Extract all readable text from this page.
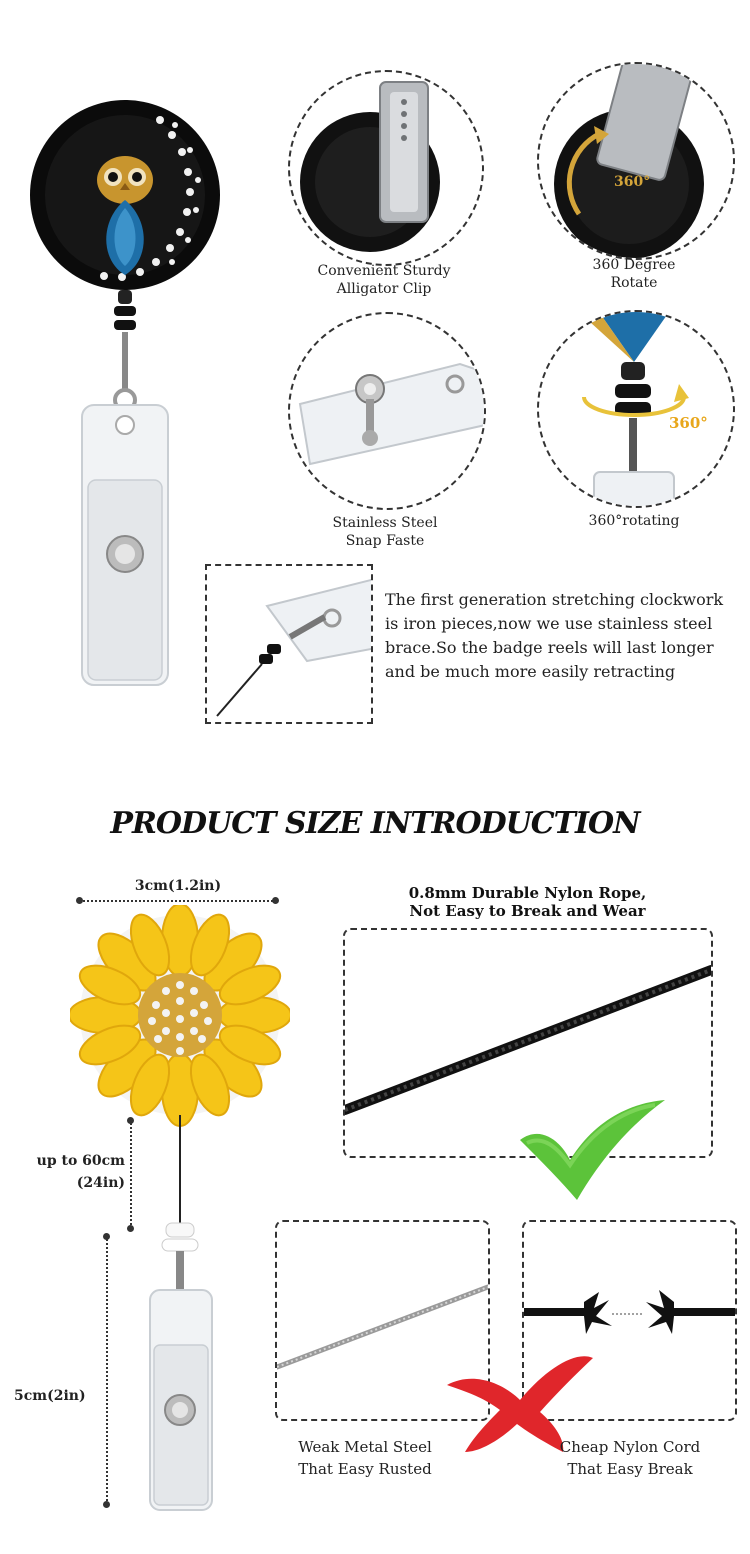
Convenient Sturdy
Alligator Clip
360°
360 Degree
Rotate
Stainless Steel
Snap Faste
360°
360°rotating
The first generation stretching clockwork is iron pieces,now we use stainless steel brace.So the badge reels will last longer and be much more easily retracting
PRODUCT SIZE INTRODUCTION
3cm(1.2in)
up to 60cm
(24in)
5cm(2in)
0.8mm Durable Nylon Rope,
Not Easy to Break and Wear
Weak Metal Steel
That Easy Rusted
Cheap Nylon Cord
That Easy Break
